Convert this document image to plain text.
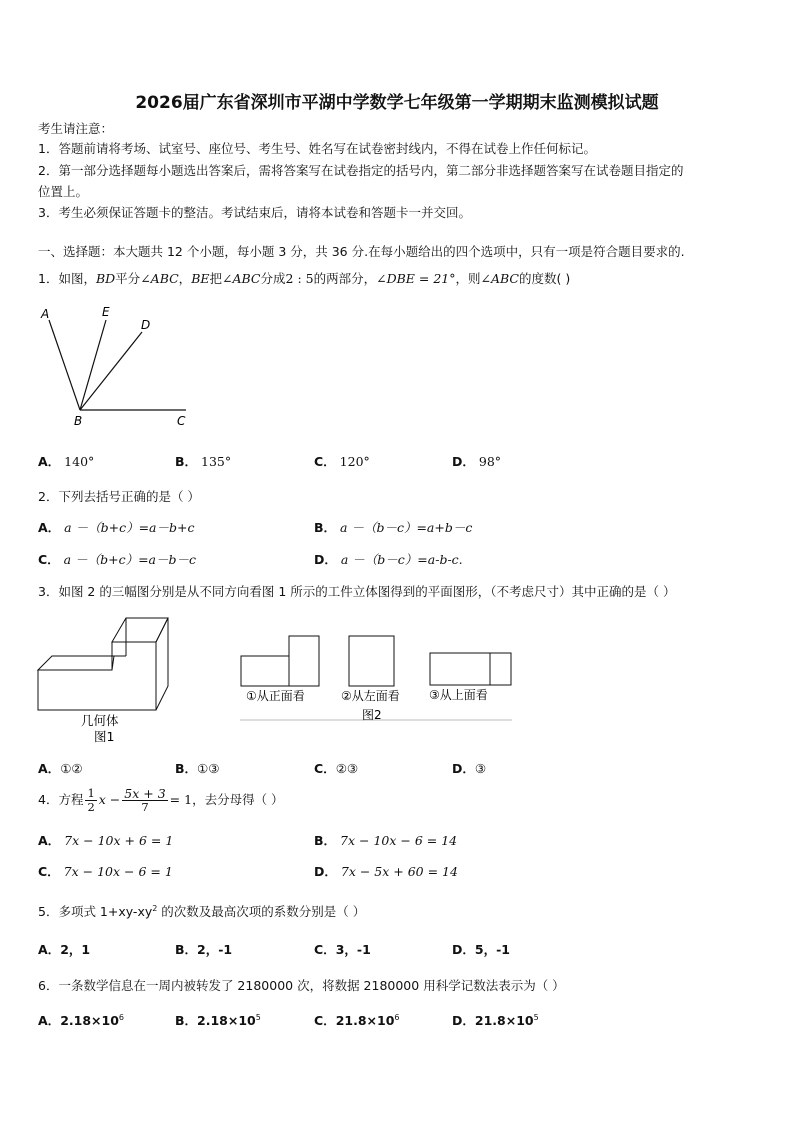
2026届广东省深圳市平湖中学数学七年级第一学期期末监测模拟试题
考生请注意：
1．答题前请将考场、试室号、座位号、考生号、姓名写在试卷密封线内，不得在试卷上作任何标记。
2．第一部分选择题每小题选出答案后，需将答案写在试卷指定的括号内，第二部分非选择题答案写在试卷题目指定的
位置上。
3．考生必须保证答题卡的整洁。考试结束后，请将本试卷和答题卡一并交回。
一、选择题：本大题共 12 个小题，每小题 3 分，共 36 分.在每小题给出的四个选项中，只有一项是符合题目要求的.
1．如图，BD平分∠ABC，BE把∠ABC分成2 : 5的两部分，∠DBE = 21°，则∠ABC的度数( )
A	E
D
B	C
A． 140°	B． 135°	C． 120°	D． 98°
2．下列去括号正确的是（ ）
A． a －（b+c）=a－b+c	B． a －（b－c）=a+b－c
C． a －（b+c）=a－b－c	D． a －（b－c）=a-b-c.
3．如图 2 的三幅图分别是从不同方向看图 1 所示的工件立体图得到的平面图形，（不考虑尺寸）其中正确的是（ ）
几何体
图1
①从正面看	②从左面看 ③从上面看
图2
A．①②	B．①③	C．②③	D．③
4．方程 $\frac{1}{2}$ $x - \frac{5x + 3}{7} = 1$，去分母得（ ）
A． 7x − 10x + 6 = 1	B． 7x − 10x − 6 = 14
C． 7x − 10x − 6 = 1	D． 7x − 5x + 60 = 14
5．多项式 $1+xy-xy^2$ 的次数及最高次项的系数分别是（ ）
A．2，1	B．2，-1	C．3，-1	D．5，-1
6．一条数学信息在一周内被转发了 2180000 次，将数据 2180000 用科学记数法表示为（ ）
A．$2.18\times 10^6$	B．$2.18\times 10^5$	C．$21.8\times 10^6$	D．$21.8\times 10^5$
